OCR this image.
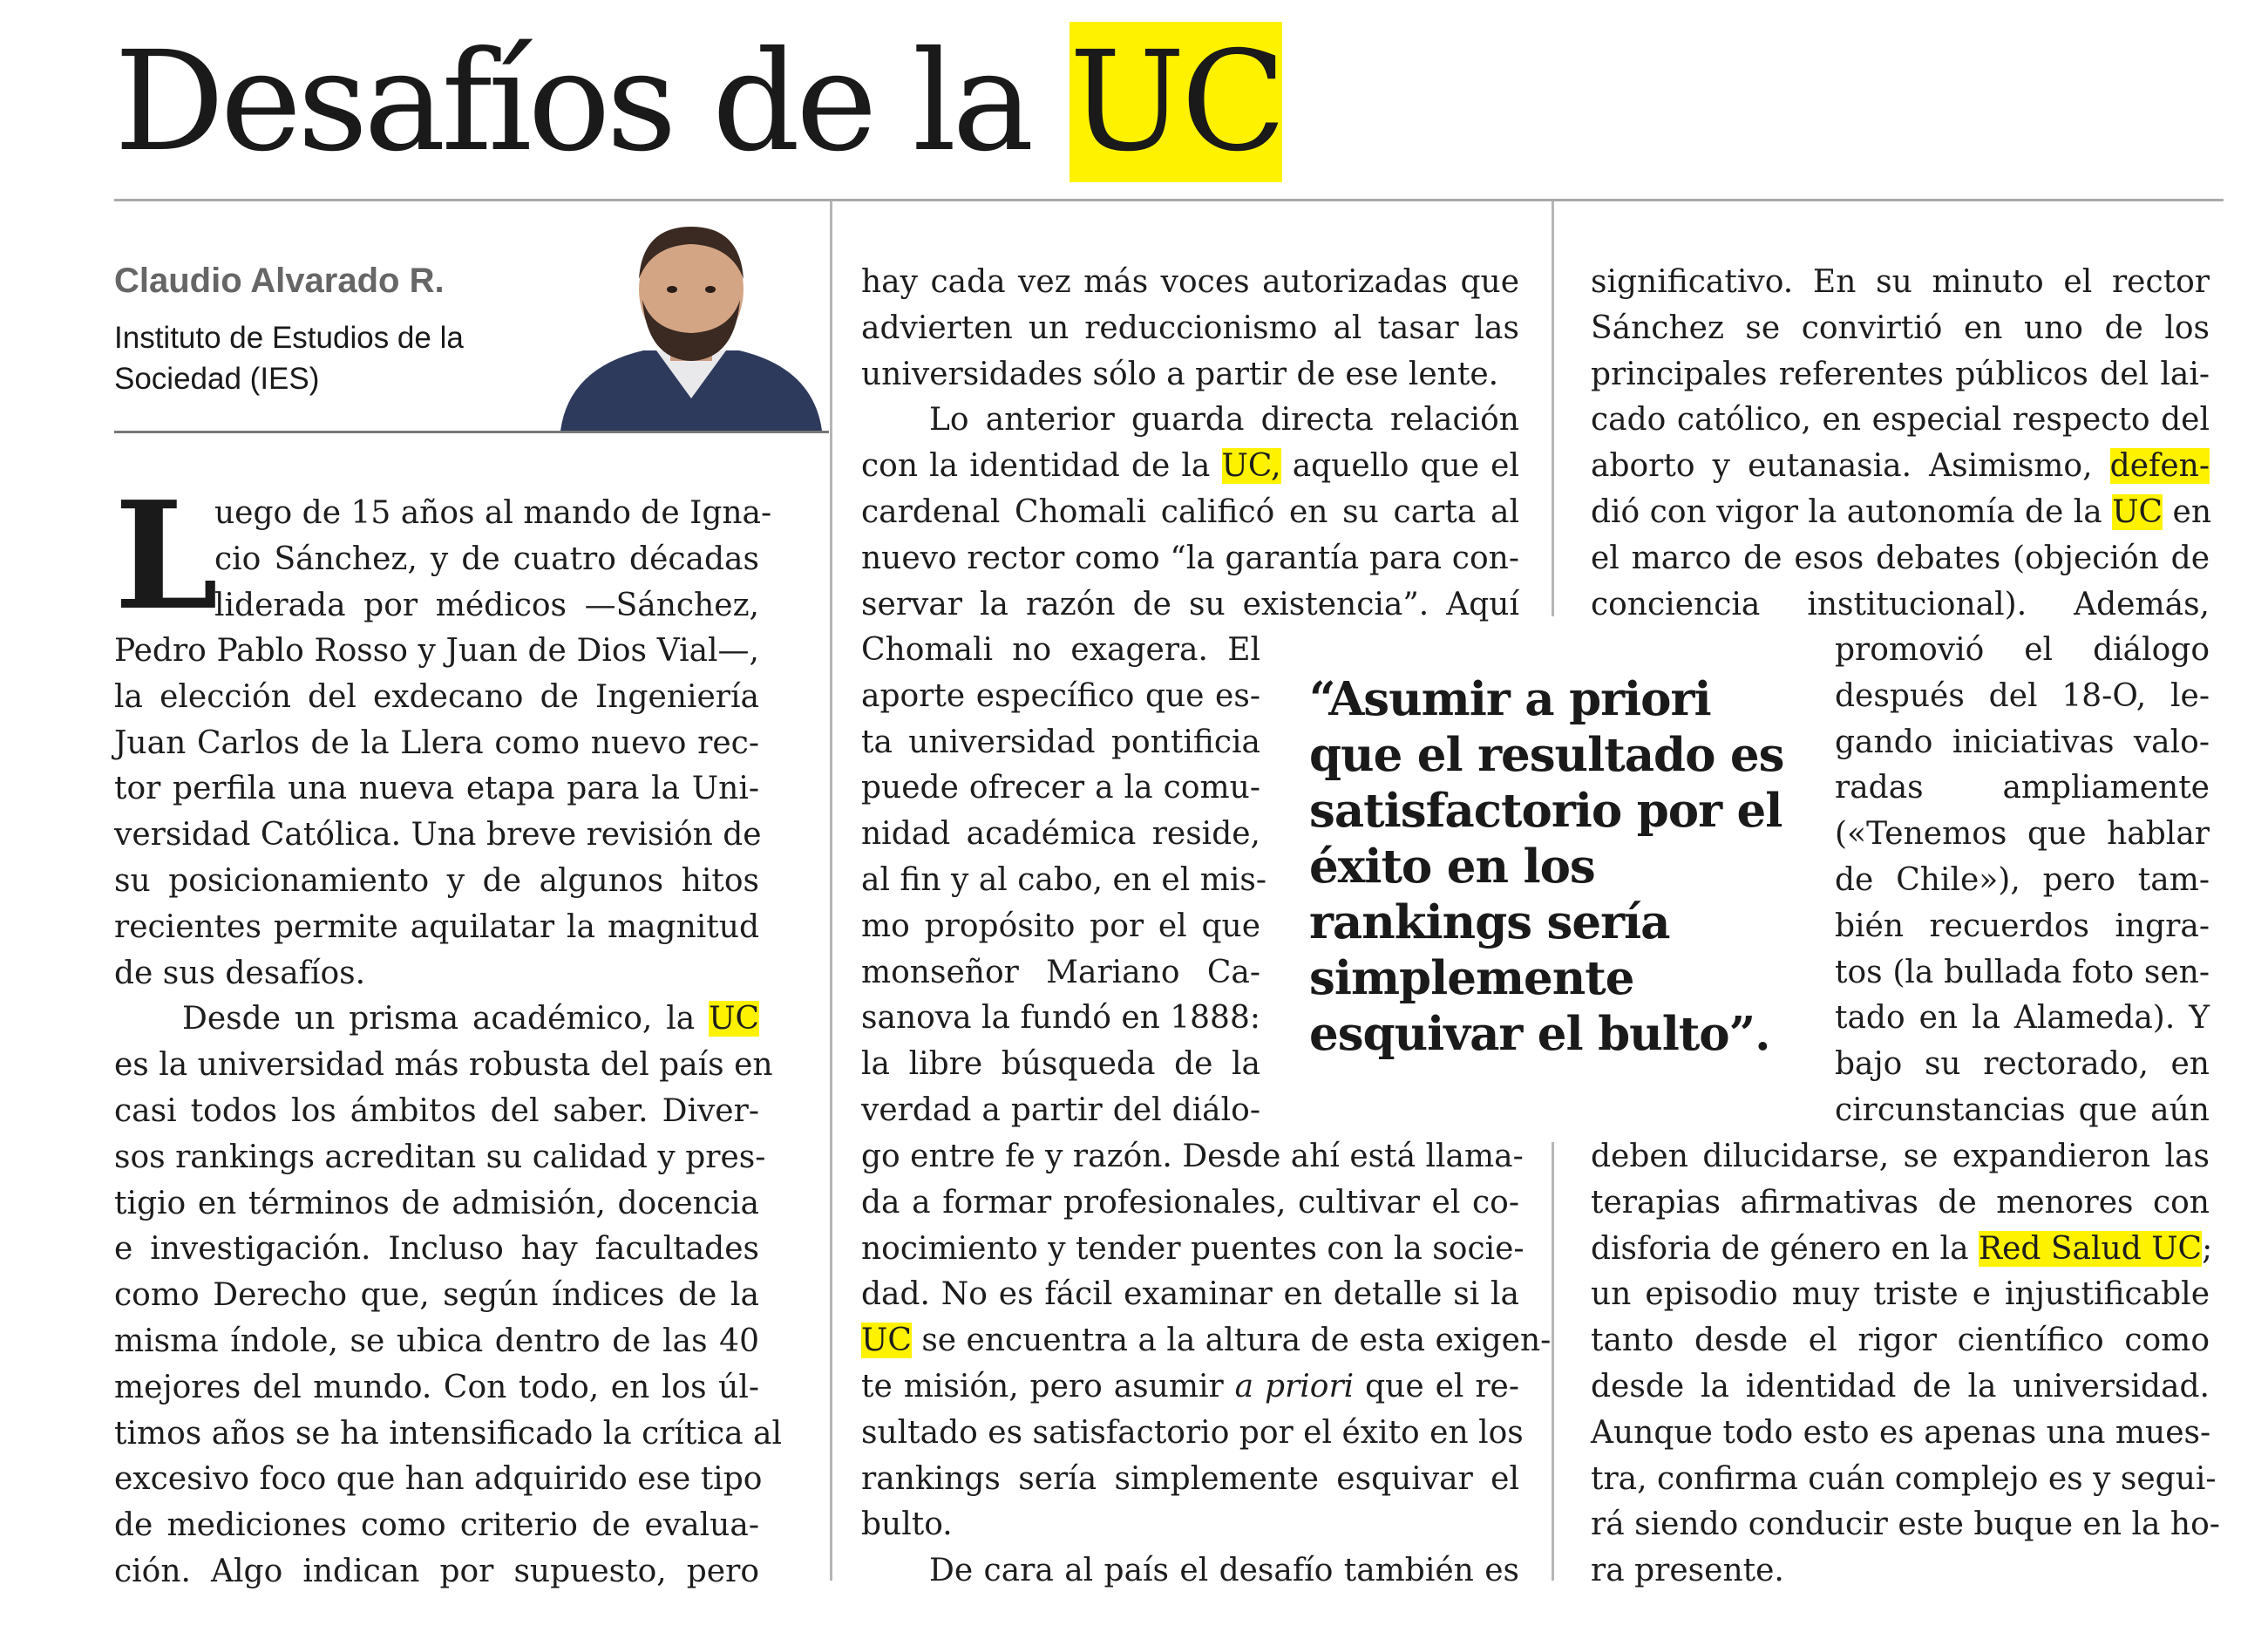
Desafíos de la UC
Claudio Alvarado R.
Instituto de Estudios de la
Sociedad (IES)
L
uego de 15 años al mando de Igna-
cio Sánchez, y de cuatro décadas
liderada por médicos —Sánchez,
Pedro Pablo Rosso y Juan de Dios Vial—,
la elección del exdecano de Ingeniería
Juan Carlos de la Llera como nuevo rec-
tor perfila una nueva etapa para la Uni-
versidad Católica. Una breve revisión de
su posicionamiento y de algunos hitos
recientes permite aquilatar la magnitud
de sus desafíos.
Desde un prisma académico, la UC
es la universidad más robusta del país en
casi todos los ámbitos del saber. Diver-
sos rankings acreditan su calidad y pres-
tigio en términos de admisión, docencia
e investigación. Incluso hay facultades
como Derecho que, según índices de la
misma índole, se ubica dentro de las 40
mejores del mundo. Con todo, en los úl-
timos años se ha intensificado la crítica al
excesivo foco que han adquirido ese tipo
de mediciones como criterio de evalua-
ción. Algo indican por supuesto, pero
hay cada vez más voces autorizadas que
advierten un reduccionismo al tasar las
universidades sólo a partir de ese lente.
Lo anterior guarda directa relación
con la identidad de la UC, aquello que el
cardenal Chomali calificó en su carta al
nuevo rector como “la garantía para con-
servar la razón de su existencia”. Aquí
Chomali no exagera. El
aporte específico que es-
ta universidad pontificia
puede ofrecer a la comu-
nidad académica reside,
al fin y al cabo, en el mis-
mo propósito por el que
monseñor Mariano Ca-
sanova la fundó en 1888:
la libre búsqueda de la
verdad a partir del diálo-
go entre fe y razón. Desde ahí está llama-
da a formar profesionales, cultivar el co-
nocimiento y tender puentes con la socie-
dad. No es fácil examinar en detalle si la
UC se encuentra a la altura de esta exigen-
te misión, pero asumir a priori que el re-
sultado es satisfactorio por el éxito en los
rankings sería simplemente esquivar el
bulto.
De cara al país el desafío también es

“Asumir a priori que el resultado es satisfactorio por el éxito en los rankings sería simplemente esquivar el bulto”.

significativo. En su minuto el rector
Sánchez se convirtió en uno de los
principales referentes públicos del lai-
cado católico, en especial respecto del
aborto y eutanasia. Asimismo, defen-
dió con vigor la autonomía de la UC en
el marco de esos debates (objeción de
conciencia institucional). Además,
promovió el diálogo
después del 18-O, le-
gando iniciativas valo-
radas ampliamente
(«Tenemos que hablar
de Chile»), pero tam-
bién recuerdos ingra-
tos (la bullada foto sen-
tado en la Alameda). Y
bajo su rectorado, en
circunstancias que aún
deben dilucidarse, se expandieron las
terapias afirmativas de menores con
disforia de género en la Red Salud UC;
un episodio muy triste e injustificable
tanto desde el rigor científico como
desde la identidad de la universidad.
Aunque todo esto es apenas una mues-
tra, confirma cuán complejo es y segui-
rá siendo conducir este buque en la ho-
ra presente.
